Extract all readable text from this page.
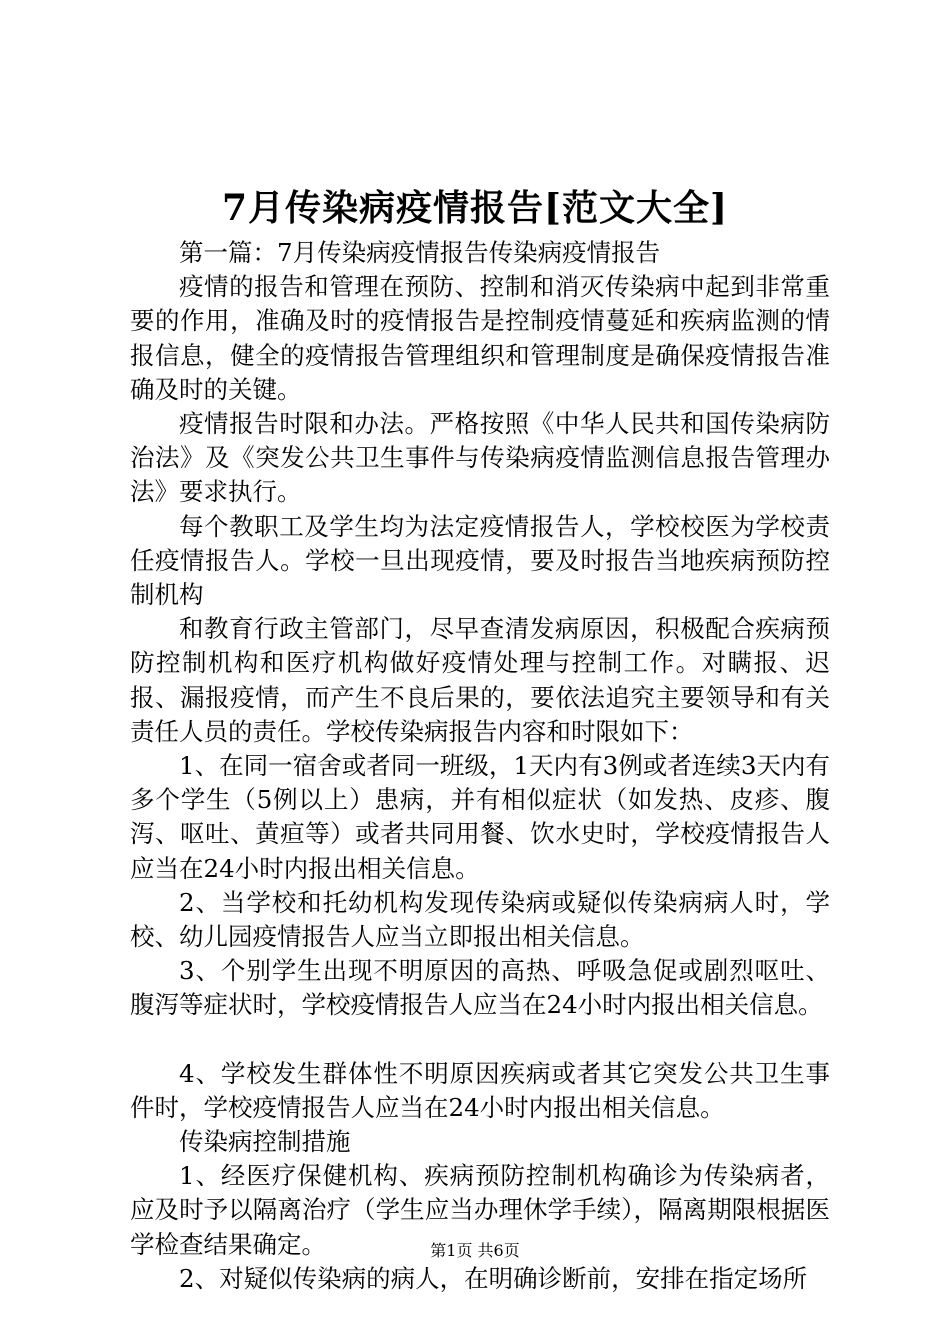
7月传染病疫情报告[范文大全]

第一篇：7月传染病疫情报告传染病疫情报告

疫情的报告和管理在预防、控制和消灭传染病中起到非常重要的作用，准确及时的疫情报告是控制疫情蔓延和疾病监测的情报信息，健全的疫情报告管理组织和管理制度是确保疫情报告准确及时的关键。

疫情报告时限和办法。严格按照《中华人民共和国传染病防治法》及《突发公共卫生事件与传染病疫情监测信息报告管理办法》要求执行。

每个教职工及学生均为法定疫情报告人，学校校医为学校责任疫情报告人。学校一旦出现疫情，要及时报告当地疾病预防控制机构

和教育行政主管部门，尽早查清发病原因，积极配合疾病预防控制机构和医疗机构做好疫情处理与控制工作。对瞒报、迟报、漏报疫情，而产生不良后果的，要依法追究主要领导和有关责任人员的责任。学校传染病报告内容和时限如下：

1、在同一宿舍或者同一班级，1天内有3例或者连续3天内有多个学生（5例以上）患病，并有相似症状（如发热、皮疹、腹泻、呕吐、黄疸等）或者共同用餐、饮水史时，学校疫情报告人应当在24小时内报出相关信息。

2、当学校和托幼机构发现传染病或疑似传染病病人时，学校、幼儿园疫情报告人应当立即报出相关信息。

3、个别学生出现不明原因的高热、呼吸急促或剧烈呕吐、腹泻等症状时，学校疫情报告人应当在24小时内报出相关信息。

4、学校发生群体性不明原因疾病或者其它突发公共卫生事件时，学校疫情报告人应当在24小时内报出相关信息。

传染病控制措施

1、经医疗保健机构、疾病预防控制机构确诊为传染病者，应及时予以隔离治疗（学生应当办理休学手续），隔离期限根据医学检查结果确定。

2、对疑似传染病的病人，在明确诊断前，安排在指定场所

第1页 共6页
